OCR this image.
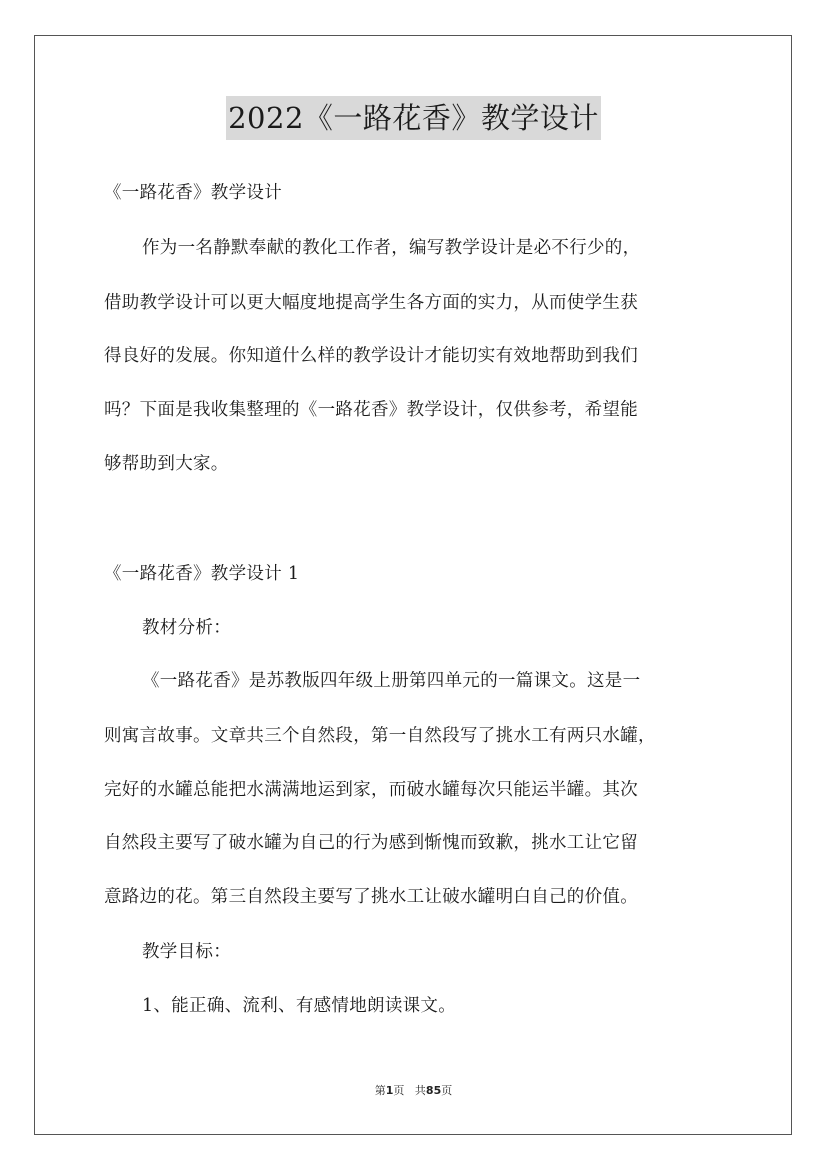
2022《一路花香》教学设计
《一路花香》教学设计
作为一名静默奉献的教化工作者，编写教学设计是必不行少的，
借助教学设计可以更大幅度地提高学生各方面的实力，从而使学生获
得良好的发展。你知道什么样的教学设计才能切实有效地帮助到我们
吗？下面是我收集整理的《一路花香》教学设计，仅供参考，希望能
够帮助到大家。
《一路花香》教学设计 1
教材分析：
《一路花香》是苏教版四年级上册第四单元的一篇课文。这是一
则寓言故事。文章共三个自然段，第一自然段写了挑水工有两只水罐，
完好的水罐总能把水满满地运到家，而破水罐每次只能运半罐。其次
自然段主要写了破水罐为自己的行为感到惭愧而致歉，挑水工让它留
意路边的花。第三自然段主要写了挑水工让破水罐明白自己的价值。
教学目标：
1、能正确、流利、有感情地朗读课文。
第1页 共85页
